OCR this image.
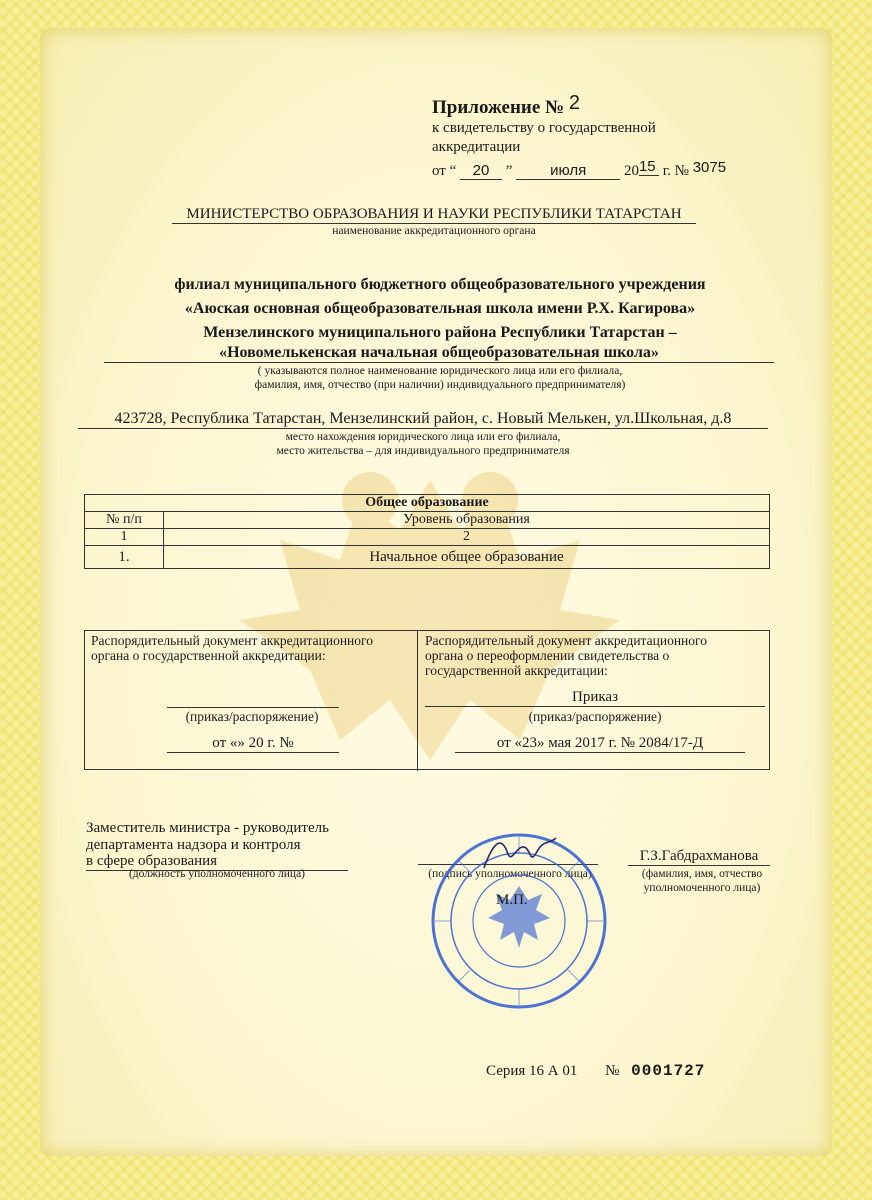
Приложение № 2
к свидетельству о государственной
аккредитации
от “ 20 ”	июля	2015 г. № 3075
МИНИСТЕРСТВО ОБРАЗОВАНИЯ И НАУКИ РЕСПУБЛИКИ ТАТАРСТАН
наименование аккредитационного органа
филиал муниципального бюджетного общеобразовательного учреждения
«Аюская основная общеобразовательная школа имени Р.Х. Кагирова»
Мензелинского муниципального района Республики Татарстан –
«Новомелькенская начальная общеобразовательная школа»
( указываются полное наименование юридического лица или его филиала,
фамилия, имя, отчество (при наличии) индивидуального предпринимателя)
423728, Республика Татарстан, Мензелинский район, с. Новый Мелькен, ул.Школьная, д.8
место нахождения юридического лица или его филиала,
место жительства – для индивидуального предпринимателя
Общее образование	
№ п/п	Уровень образования
1	2
1.	Начальное общее образование
Распорядительный документ аккредитационного
органа о государственной аккредитации:
(приказ/распоряжение)
от «» 20 г. №
Распорядительный документ аккредитационного
органа о переоформлении свидетельства о
государственной аккредитации:
Приказ
(приказ/распоряжение)
от «23» мая 2017 г. № 2084/17-Д
Заместитель министра - руководитель
департамента надзора и контроля
в сфере образования
(должность уполномоченного лица)	(подпись уполномоченного лица)
Г.З.Габдрахманова
(фамилия, имя, отчество
уполномоченного лица)
М.П.
Серия 16 А 01 № 0001727
